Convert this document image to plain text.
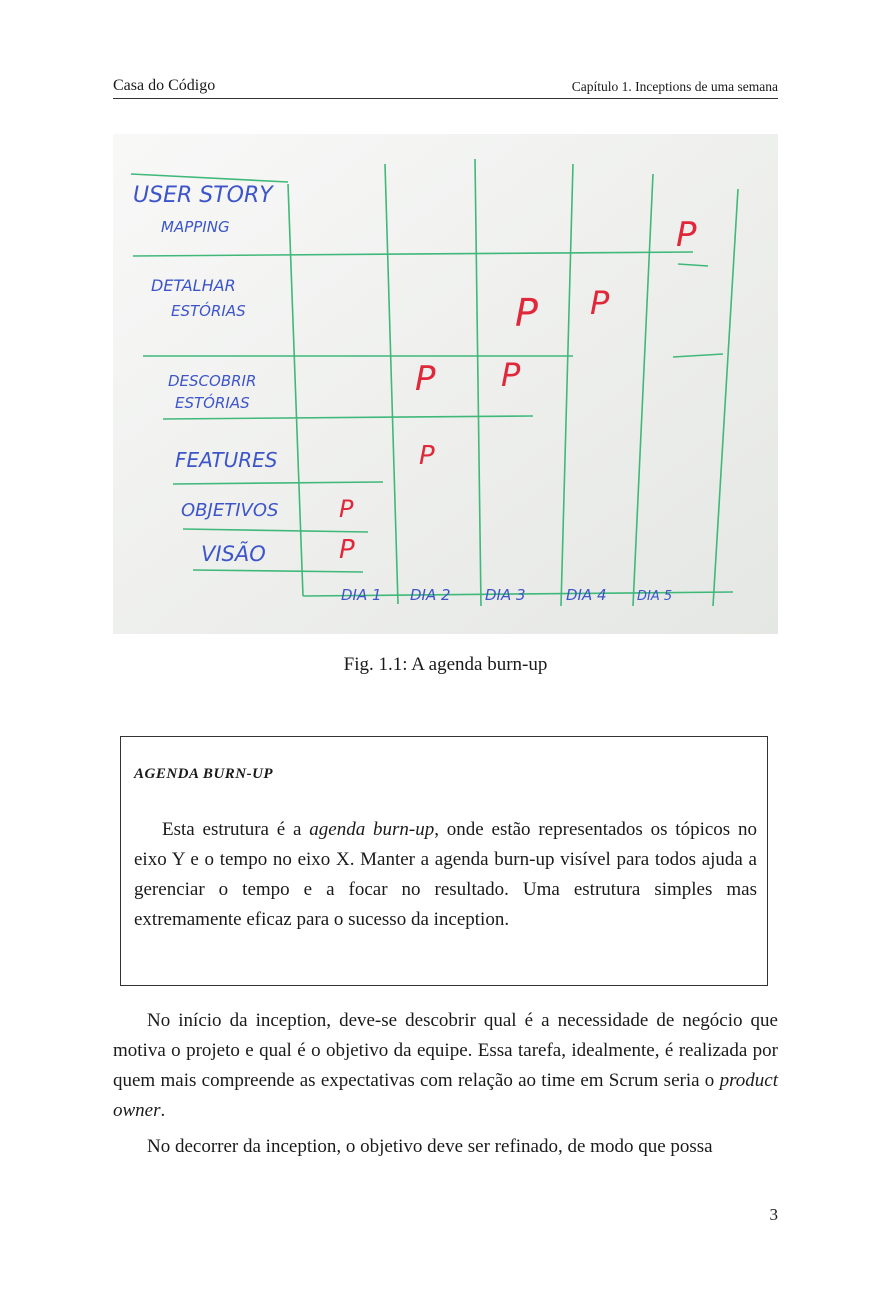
Casa do Código	Capítulo 1. Inceptions de uma semana
USER STORY
MAPPING
DETALHAR
ESTÓRIAS
DESCOBRIR
ESTÓRIAS
FEATURES
OBJETIVOS
VISÃO
DIA 1 DIA 2 DIA 3	DIA 4 DIA 5
P
P
P
P P
P P
P
Fig. 1.1: A agenda burn-up
AGENDA BURN-UP
Esta estrutura é a agenda burn-up, onde estão representados os tópicos no eixo Y e o tempo no eixo X. Manter a agenda burn-up visível para todos ajuda a gerenciar o tempo e a focar no resultado. Uma estrutura simples mas extremamente eficaz para o sucesso da inception.
No início da inception, deve-se descobrir qual é a necessidade de negócio que motiva o projeto e qual é o objetivo da equipe. Essa tarefa, idealmente, é realizada por quem mais compreende as expectativas com relação ao time em Scrum seria o product owner.
No decorrer da inception, o objetivo deve ser refinado, de modo que possa
3
